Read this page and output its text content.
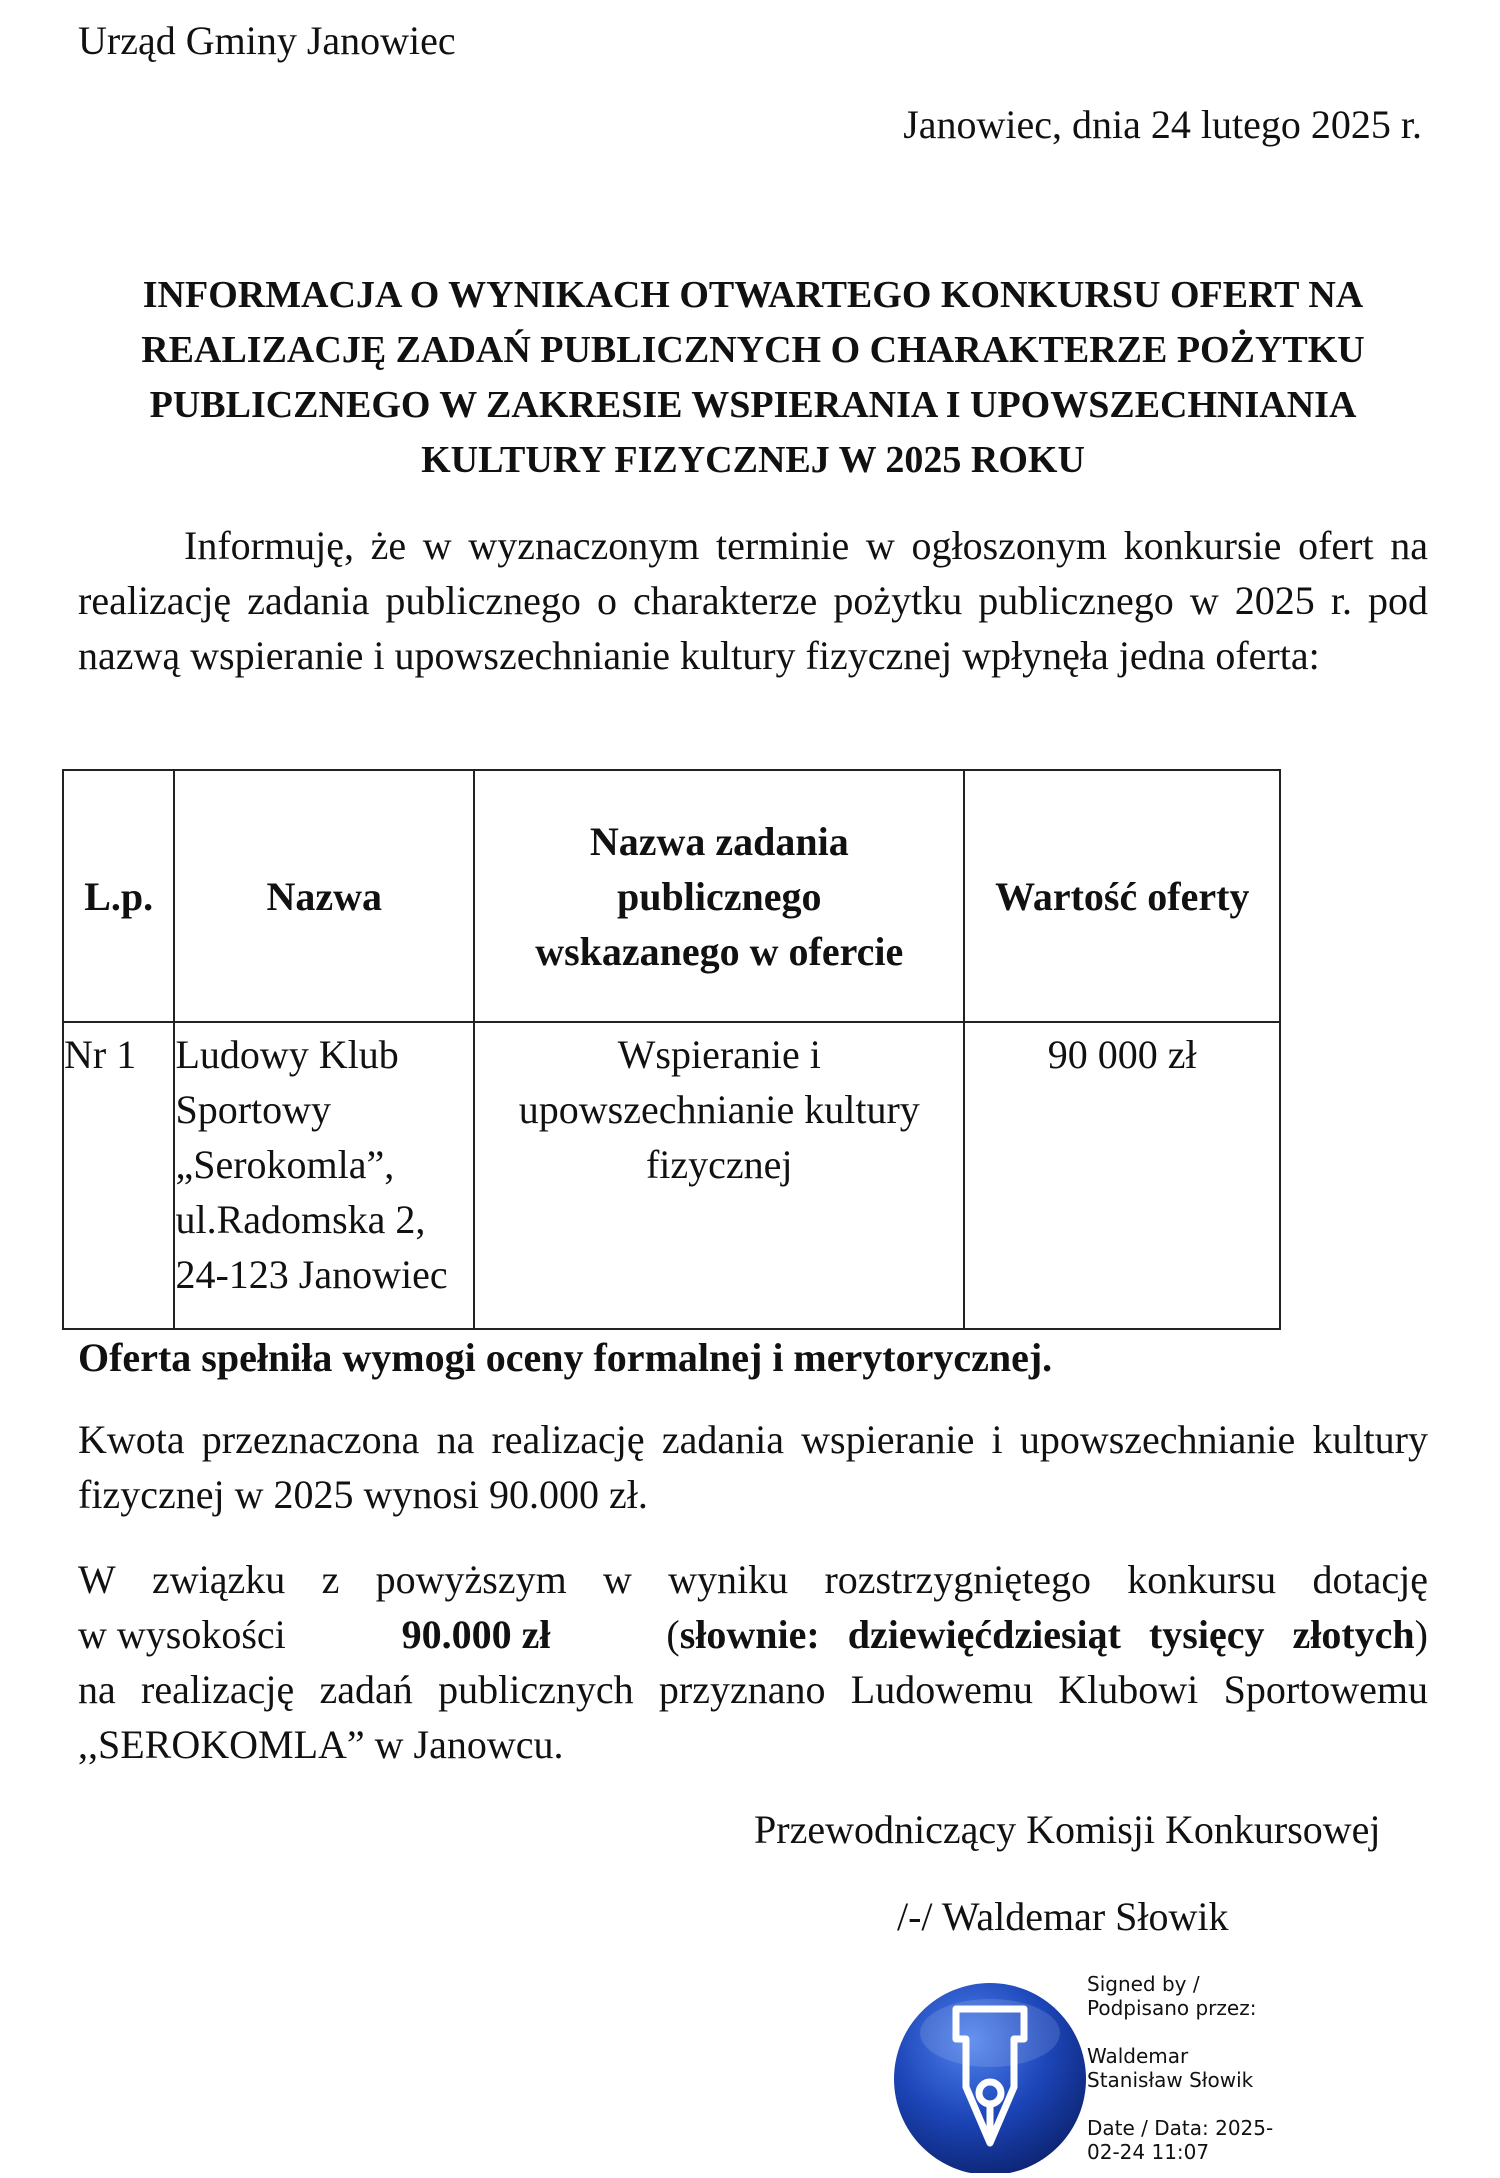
Urząd Gminy Janowiec
Janowiec, dnia 24 lutego 2025 r.
INFORMACJA O WYNIKACH OTWARTEGO KONKURSU OFERT NA
REALIZACJĘ ZADAŃ PUBLICZNYCH O CHARAKTERZE POŻYTKU
PUBLICZNEGO W ZAKRESIE WSPIERANIA I UPOWSZECHNIANIA
KULTURY FIZYCZNEJ W 2025 ROKU
Informuję, że w wyznaczonym terminie w ogłoszonym konkursie ofert na realizację zadania publicznego o charakterze pożytku publicznego w 2025 r. pod nazwą wspieranie i upowszechnianie kultury fizycznej wpłynęła jedna oferta:
L.p.	Nazwa	Nazwa zadania publicznego wskazanego w ofercie	Wartość oferty
Nr 1	Ludowy Klub Sportowy „Serokomla”, ul.Radomska 2, 24-123 Janowiec	Wspieranie i upowszechnianie kultury fizycznej	90 000 zł
Oferta spełniła wymogi oceny formalnej i merytorycznej.
Kwota przeznaczona na realizację zadania wspieranie i upowszechnianie kultury fizycznej w 2025 wynosi 90.000 zł.
W związku z powyższym w wyniku rozstrzygniętego konkursu dotację
w wysokości	90.000 zł	(słownie: dziewięćdziesiąt tysięcy złotych)
na realizację zadań publicznych przyznano Ludowemu Klubowi Sportowemu ,,SEROKOMLA” w Janowcu.
Przewodniczący Komisji Konkursowej
/-/ Waldemar Słowik
Signed by /
Podpisano przez:
Waldemar
Stanisław Słowik
Date / Data: 2025-
02-24 11:07
